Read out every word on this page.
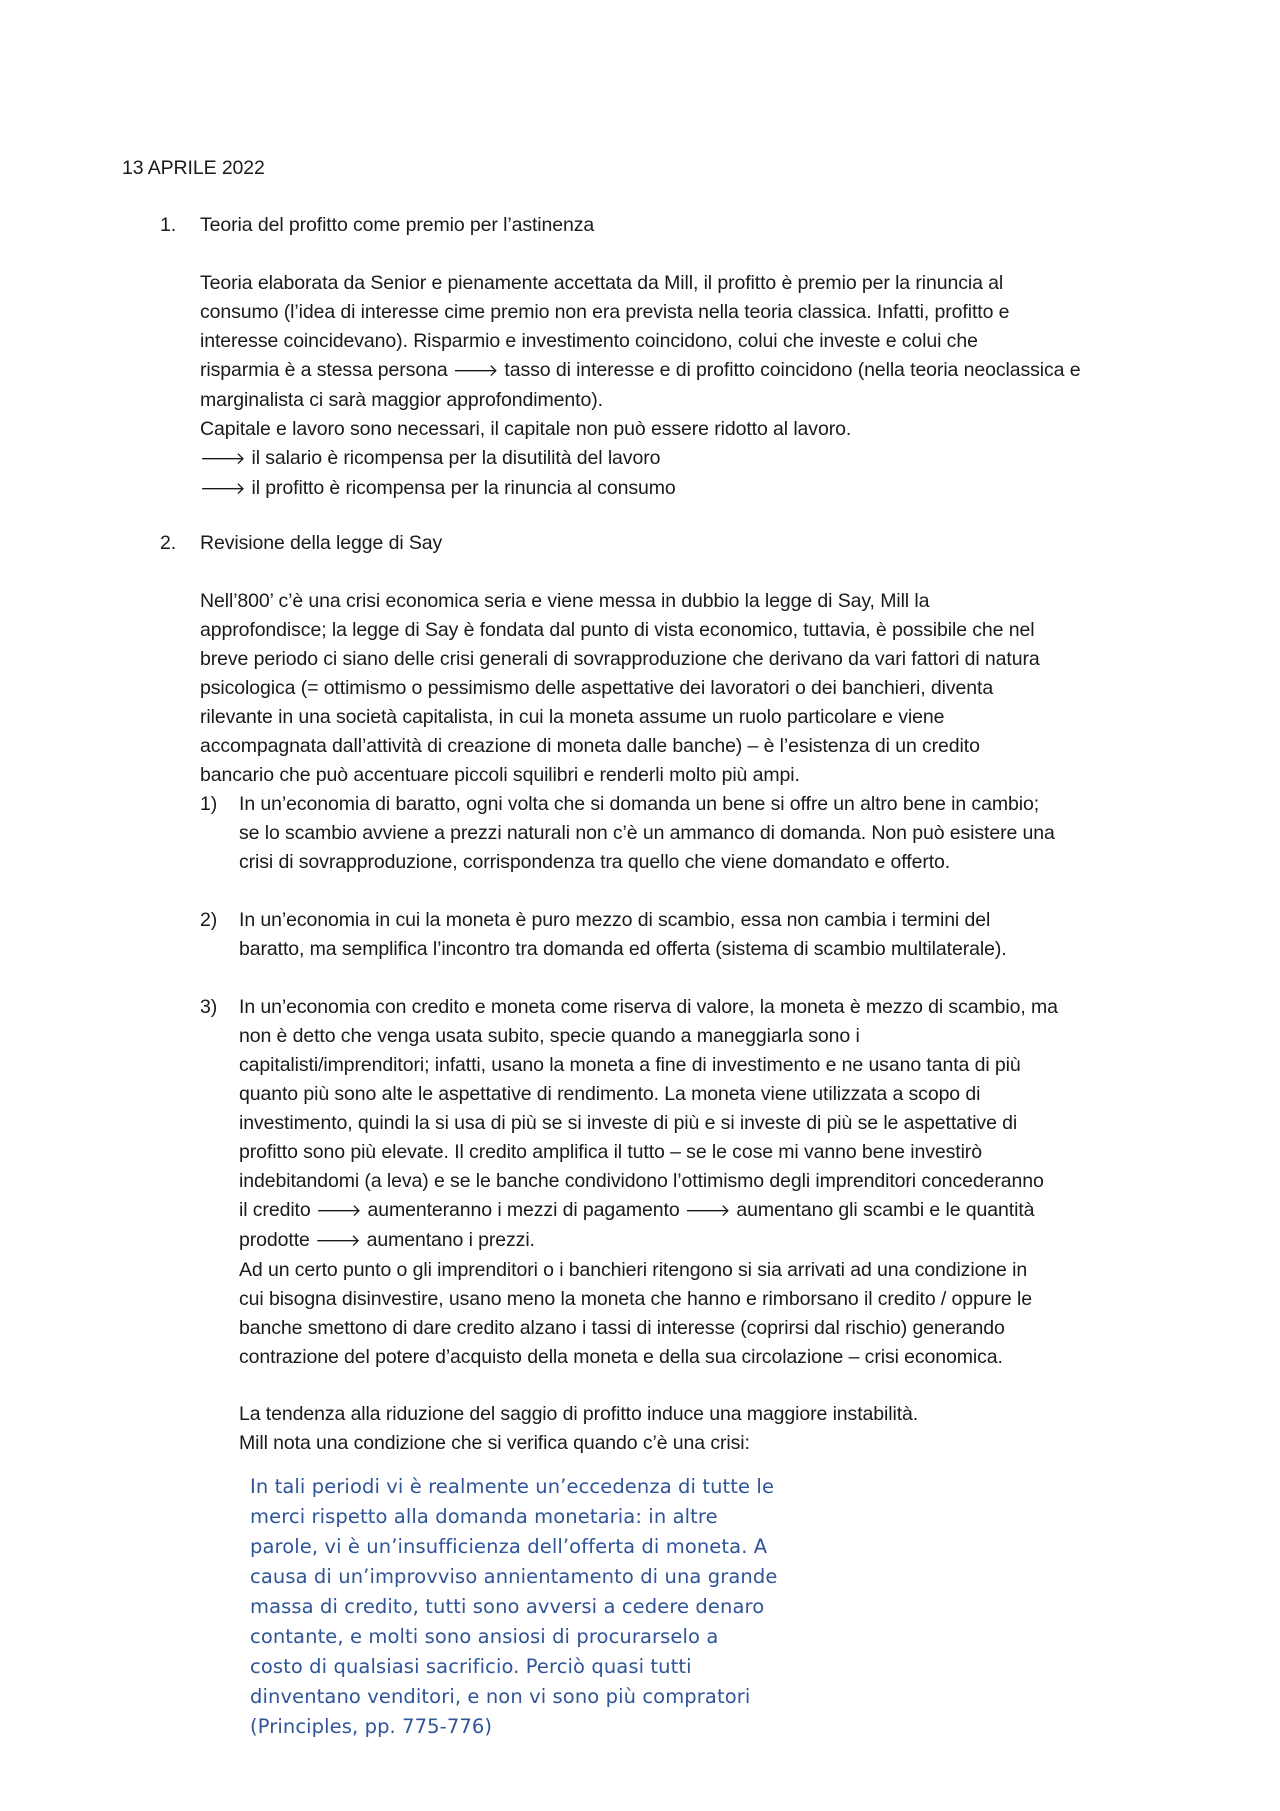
13 APRILE 2022
1.	Teoria del profitto come premio per l’astinenza
Teoria elaborata da Senior e pienamente accettata da Mill, il profitto è premio per la rinuncia al
consumo (l’idea di interesse cime premio non era prevista nella teoria classica. Infatti, profitto e
interesse coincidevano). Risparmio e investimento coincidono, colui che investe e colui che
risparmia è a stessa persona 🡒 tasso di interesse e di profitto coincidono (nella teoria neoclassica e
marginalista ci sarà maggior approfondimento).
Capitale e lavoro sono necessari, il capitale non può essere ridotto al lavoro.
🡒 il salario è ricompensa per la disutilità del lavoro
🡒 il profitto è ricompensa per la rinuncia al consumo
2.	Revisione della legge di Say
Nell’800’ c’è una crisi economica seria e viene messa in dubbio la legge di Say, Mill la
approfondisce; la legge di Say è fondata dal punto di vista economico, tuttavia, è possibile che nel
breve periodo ci siano delle crisi generali di sovrapproduzione che derivano da vari fattori di natura
psicologica (= ottimismo o pessimismo delle aspettative dei lavoratori o dei banchieri, diventa
rilevante in una società capitalista, in cui la moneta assume un ruolo particolare e viene
accompagnata dall’attività di creazione di moneta dalle banche) – è l’esistenza di un credito
bancario che può accentuare piccoli squilibri e renderli molto più ampi.
1)	In un’economia di baratto, ogni volta che si domanda un bene si offre un altro bene in cambio;
se lo scambio avviene a prezzi naturali non c’è un ammanco di domanda. Non può esistere una
crisi di sovrapproduzione, corrispondenza tra quello che viene domandato e offerto.
2)	In un’economia in cui la moneta è puro mezzo di scambio, essa non cambia i termini del
baratto, ma semplifica l’incontro tra domanda ed offerta (sistema di scambio multilaterale).
3)	In un’economia con credito e moneta come riserva di valore, la moneta è mezzo di scambio, ma
non è detto che venga usata subito, specie quando a maneggiarla sono i
capitalisti/imprenditori; infatti, usano la moneta a fine di investimento e ne usano tanta di più
quanto più sono alte le aspettative di rendimento. La moneta viene utilizzata a scopo di
investimento, quindi la si usa di più se si investe di più e si investe di più se le aspettative di
profitto sono più elevate. Il credito amplifica il tutto – se le cose mi vanno bene investirò
indebitandomi (a leva) e se le banche condividono l’ottimismo degli imprenditori concederanno
il credito 🡒 aumenteranno i mezzi di pagamento 🡒 aumentano gli scambi e le quantità
prodotte 🡒 aumentano i prezzi.
Ad un certo punto o gli imprenditori o i banchieri ritengono si sia arrivati ad una condizione in
cui bisogna disinvestire, usano meno la moneta che hanno e rimborsano il credito / oppure le
banche smettono di dare credito alzano i tassi di interesse (coprirsi dal rischio) generando
contrazione del potere d’acquisto della moneta e della sua circolazione – crisi economica.
La tendenza alla riduzione del saggio di profitto induce una maggiore instabilità.
Mill nota una condizione che si verifica quando c’è una crisi:
In tali periodi vi è realmente un’eccedenza di tutte le
merci rispetto alla domanda monetaria: in altre
parole, vi è un’insufficienza dell’offerta di moneta. A
causa di un’improvviso annientamento di una grande
massa di credito, tutti sono avversi a cedere denaro
contante, e molti sono ansiosi di procurarselo a
costo di qualsiasi sacrificio. Perciò quasi tutti
dinventano venditori, e non vi sono più compratori
(Principles, pp. 775-776)
